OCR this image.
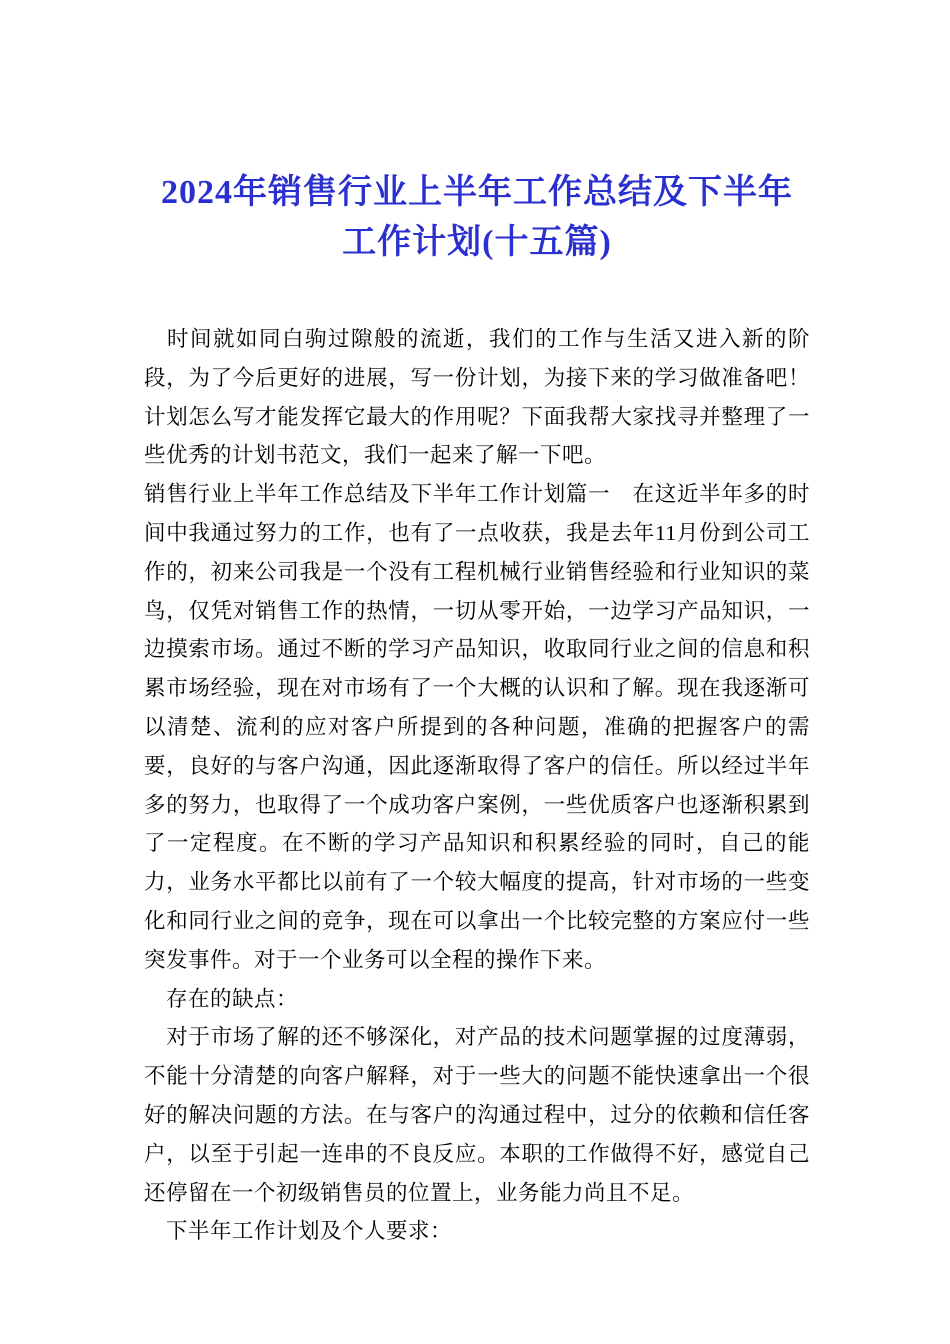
2024年销售行业上半年工作总结及下半年工作计划(十五篇)

　时间就如同白驹过隙般的流逝，我们的工作与生活又进入新的阶段，为了今后更好的进展，写一份计划，为接下来的学习做准备吧！计划怎么写才能发挥它最大的作用呢？下面我帮大家找寻并整理了一些优秀的计划书范文，我们一起来了解一下吧。

销售行业上半年工作总结及下半年工作计划篇一　在这近半年多的时间中我通过努力的工作，也有了一点收获，我是去年11月份到公司工作的，初来公司我是一个没有工程机械行业销售经验和行业知识的菜鸟，仅凭对销售工作的热情，一切从零开始，一边学习产品知识，一边摸索市场。通过不断的学习产品知识，收取同行业之间的信息和积累市场经验，现在对市场有了一个大概的认识和了解。现在我逐渐可以清楚、流利的应对客户所提到的各种问题，准确的把握客户的需要，良好的与客户沟通，因此逐渐取得了客户的信任。所以经过半年多的努力，也取得了一个成功客户案例，一些优质客户也逐渐积累到了一定程度。在不断的学习产品知识和积累经验的同时，自己的能力，业务水平都比以前有了一个较大幅度的提高，针对市场的一些变化和同行业之间的竞争，现在可以拿出一个比较完整的方案应付一些突发事件。对于一个业务可以全程的操作下来。

　存在的缺点：

　对于市场了解的还不够深化，对产品的技术问题掌握的过度薄弱，不能十分清楚的向客户解释，对于一些大的问题不能快速拿出一个很好的解决问题的方法。在与客户的沟通过程中，过分的依赖和信任客户，以至于引起一连串的不良反应。本职的工作做得不好，感觉自己还停留在一个初级销售员的位置上，业务能力尚且不足。

　下半年工作计划及个人要求：
